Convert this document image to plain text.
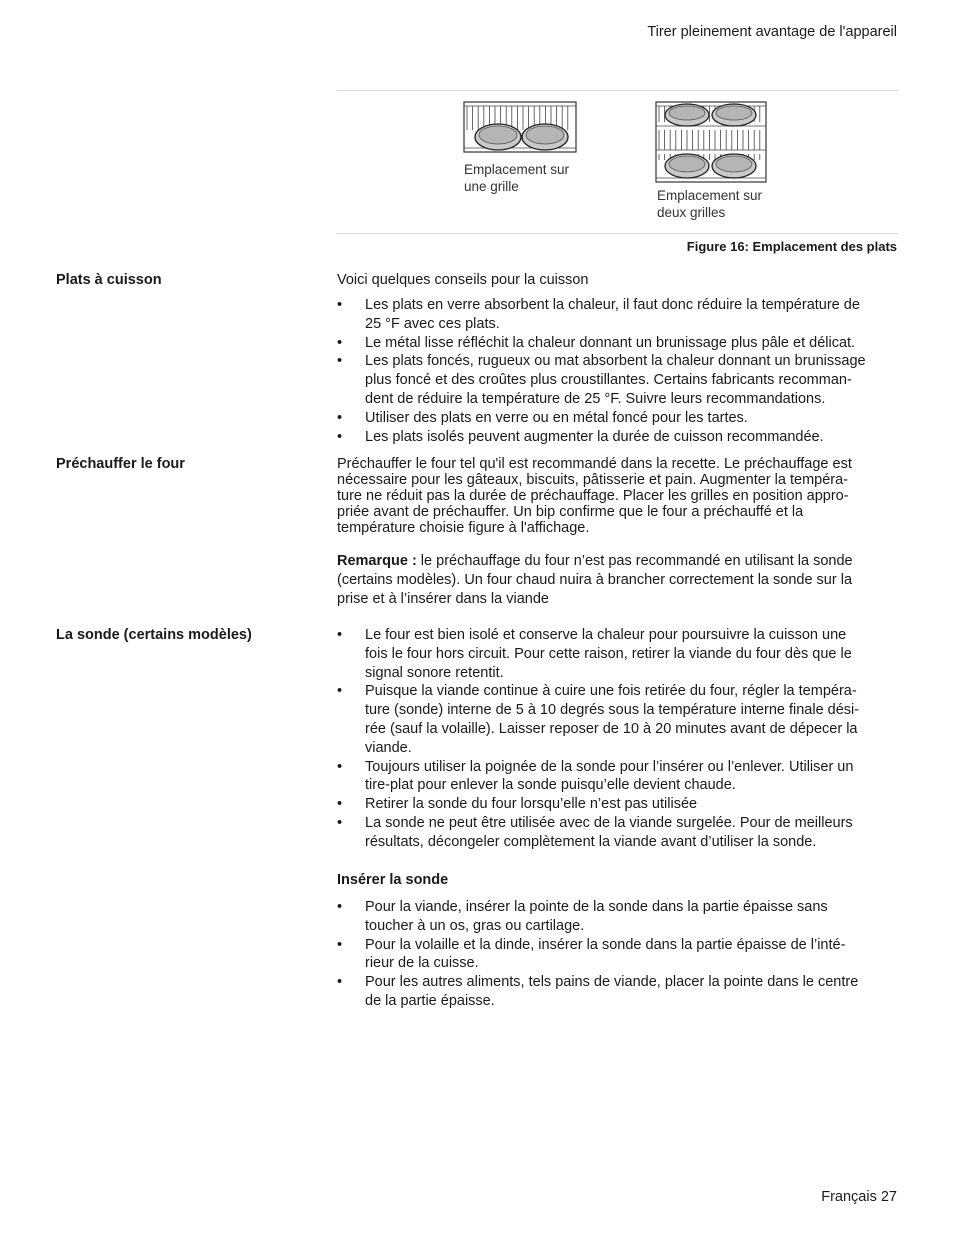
Tirer pleinement avantage de l'appareil
Emplacement sur
une grille
Emplacement sur
deux grilles
Figure 16: Emplacement des plats
Plats à cuisson	Voici quelques conseils pour la cuisson
• Les plats en verre absorbent la chaleur, il faut donc réduire la température de
25 °F avec ces plats.
• Le métal lisse réfléchit la chaleur donnant un brunissage plus pâle et délicat.
• Les plats foncés, rugueux ou mat absorbent la chaleur donnant un brunissage
plus foncé et des croûtes plus croustillantes. Certains fabricants recomman-
dent de réduire la température de 25 °F. Suivre leurs recommandations.
• Utiliser des plats en verre ou en métal foncé pour les tartes.
• Les plats isolés peuvent augmenter la durée de cuisson recommandée.
Préchauffer le four	Préchauffer le four tel qu'il est recommandé dans la recette. Le préchauffage est
nécessaire pour les gâteaux, biscuits, pâtisserie et pain. Augmenter la tempéra-
ture ne réduit pas la durée de préchauffage. Placer les grilles en position appro-
priée avant de préchauffer. Un bip confirme que le four a préchauffé et la
température choisie figure à l'affichage.
Remarque : le préchauffage du four n’est pas recommandé en utilisant la sonde
(certains modèles). Un four chaud nuira à brancher correctement la sonde sur la
prise et à l’insérer dans la viande
La sonde (certains modèles)	• Le four est bien isolé et conserve la chaleur pour poursuivre la cuisson une
fois le four hors circuit. Pour cette raison, retirer la viande du four dès que le
signal sonore retentit.
• Puisque la viande continue à cuire une fois retirée du four, régler la tempéra-
ture (sonde) interne de 5 à 10 degrés sous la température interne finale dési-
rée (sauf la volaille). Laisser reposer de 10 à 20 minutes avant de dépecer la
viande.
• Toujours utiliser la poignée de la sonde pour l’insérer ou l’enlever. Utiliser un
tire-plat pour enlever la sonde puisqu’elle devient chaude.
• Retirer la sonde du four lorsqu’elle n’est pas utilisée
• La sonde ne peut être utilisée avec de la viande surgelée. Pour de meilleurs
résultats, décongeler complètement la viande avant d’utiliser la sonde.
Insérer la sonde
• Pour la viande, insérer la pointe de la sonde dans la partie épaisse sans
toucher à un os, gras ou cartilage.
• Pour la volaille et la dinde, insérer la sonde dans la partie épaisse de l’inté-
rieur de la cuisse.
• Pour les autres aliments, tels pains de viande, placer la pointe dans le centre
de la partie épaisse.
Français 27
